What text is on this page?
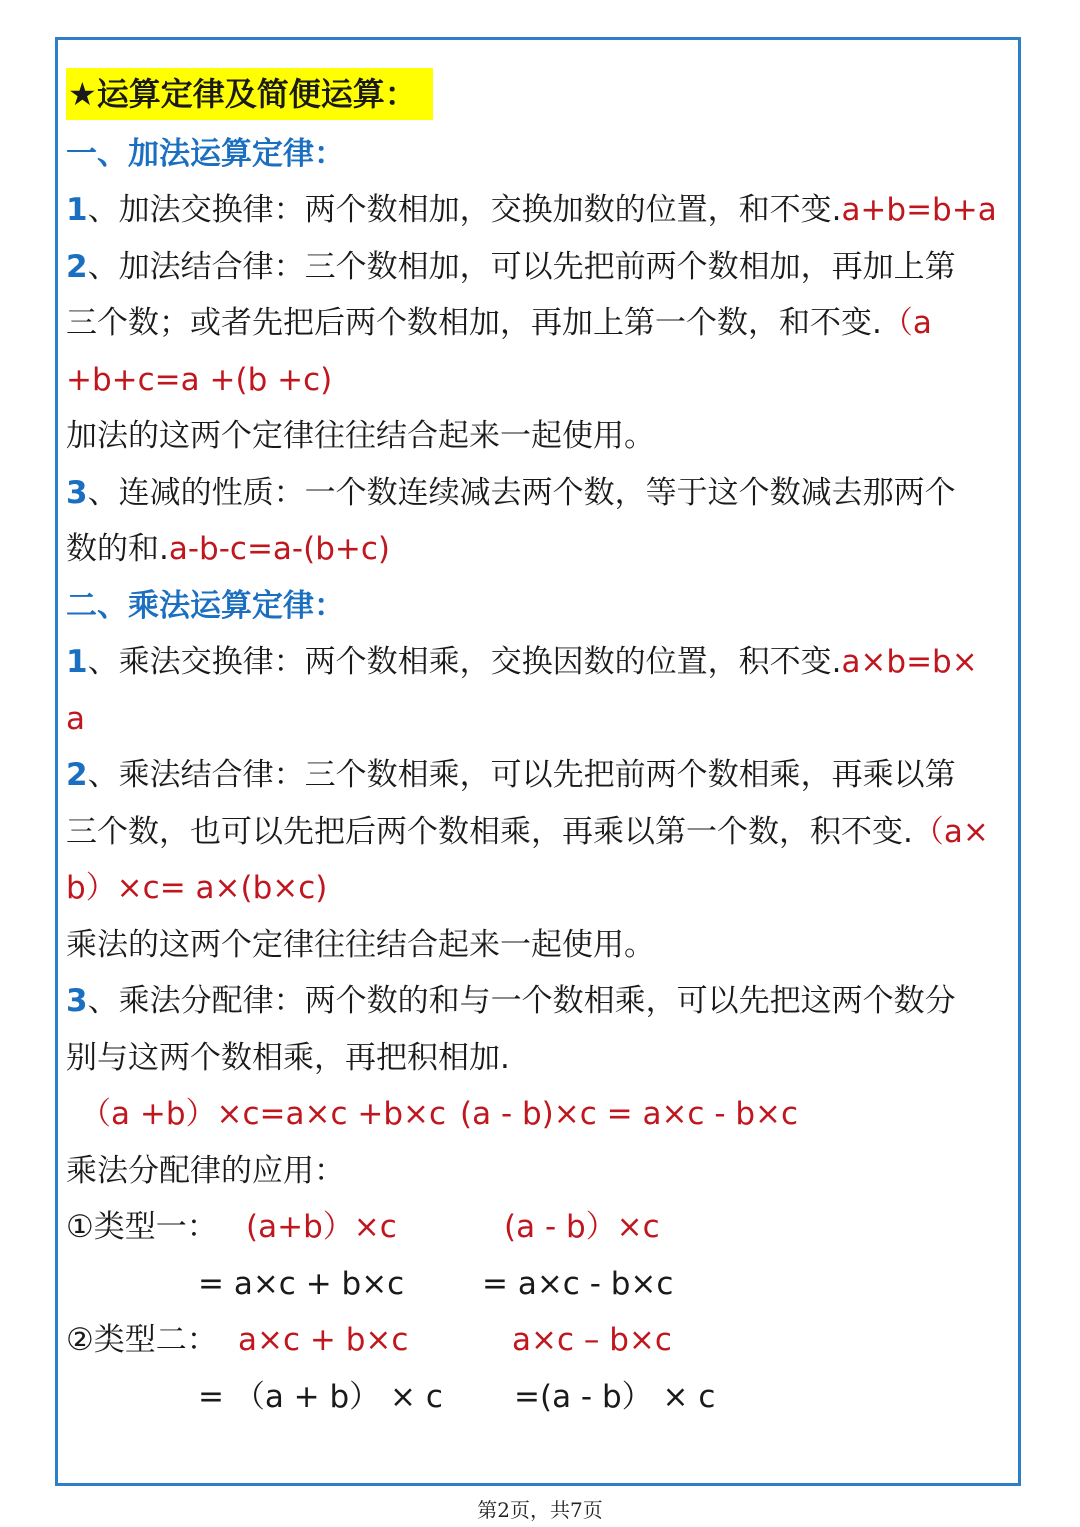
★运算定律及简便运算：
一、加法运算定律：
1、加法交换律：两个数相加，交换加数的位置，和不变.a+b=b+a
2、加法结合律：三个数相加，可以先把前两个数相加，再加上第
三个数；或者先把后两个数相加，再加上第一个数，和不变.（a
+b+c=a +(b +c)
加法的这两个定律往往结合起来一起使用。
3、连减的性质：一个数连续减去两个数，等于这个数减去那两个
数的和.a-b-c=a-(b+c)
二、乘法运算定律：
1、乘法交换律：两个数相乘，交换因数的位置，积不变.a×b=b×
a
2、乘法结合律：三个数相乘，可以先把前两个数相乘，再乘以第
三个数，也可以先把后两个数相乘，再乘以第一个数，积不变.（a×
b）×c= a×(b×c)
乘法的这两个定律往往结合起来一起使用。
3、乘法分配律：两个数的和与一个数相乘，可以先把这两个数分
别与这两个数相乘，再把积相加.
（a +b）×c=a×c +b×c (a - b)×c = a×c - b×c
乘法分配律的应用：
①类型一： (a+b）×c	(a - b）×c
= a×c + b×c	= a×c - b×c
②类型二： a×c + b×c	a×c – b×c
= （a + b） × c =(a - b） × c
第2页，共7页
